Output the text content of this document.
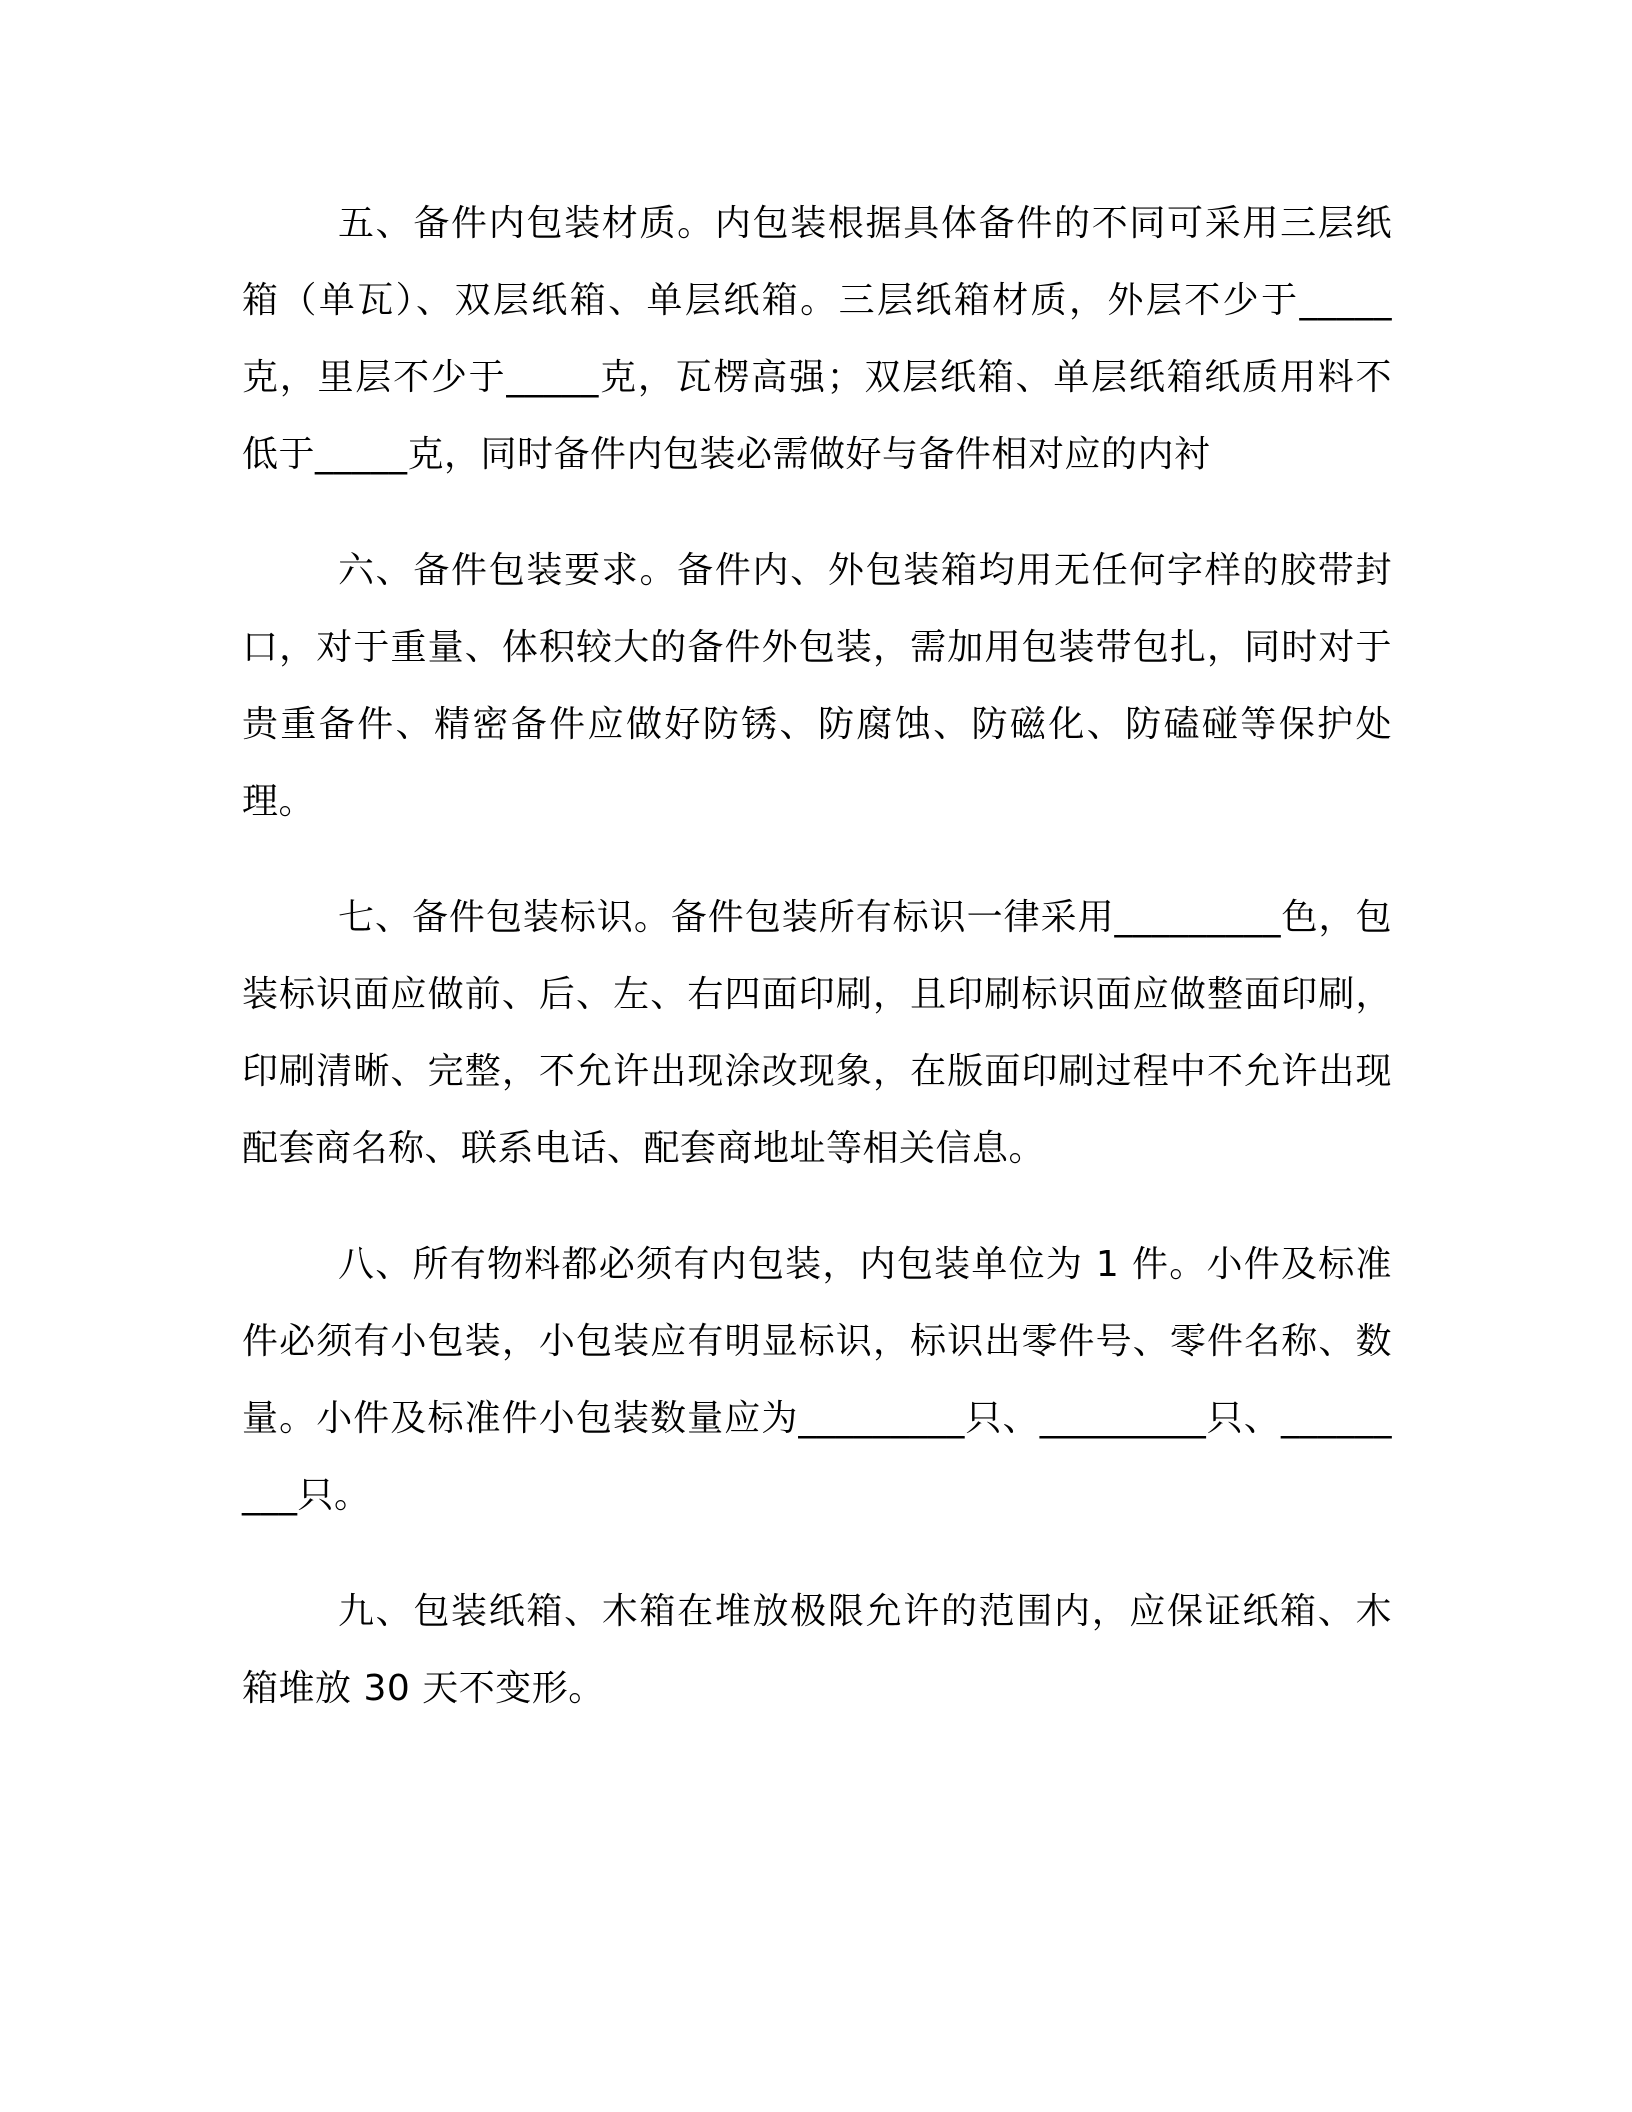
五、备件内包装材质。内包装根据具体备件的不同可采用三层纸箱（单瓦）、双层纸箱、单层纸箱。三层纸箱材质，外层不少于_____克，里层不少于_____克，瓦楞高强；双层纸箱、单层纸箱纸质用料不低于_____克，同时备件内包装必需做好与备件相对应的内衬

六、备件包装要求。备件内、外包装箱均用无任何字样的胶带封口，对于重量、体积较大的备件外包装，需加用包装带包扎，同时对于贵重备件、精密备件应做好防锈、防腐蚀、防磁化、防磕碰等保护处理。

七、备件包装标识。备件包装所有标识一律采用_________色，包装标识面应做前、后、左、右四面印刷，且印刷标识面应做整面印刷，印刷清晰、完整，不允许出现涂改现象，在版面印刷过程中不允许出现配套商名称、联系电话、配套商地址等相关信息。

八、所有物料都必须有内包装，内包装单位为 1 件。小件及标准件必须有小包装，小包装应有明显标识，标识出零件号、零件名称、数量。小件及标准件小包装数量应为_________只、_________只、_________只。

九、包装纸箱、木箱在堆放极限允许的范围内，应保证纸箱、木箱堆放 30 天不变形。
